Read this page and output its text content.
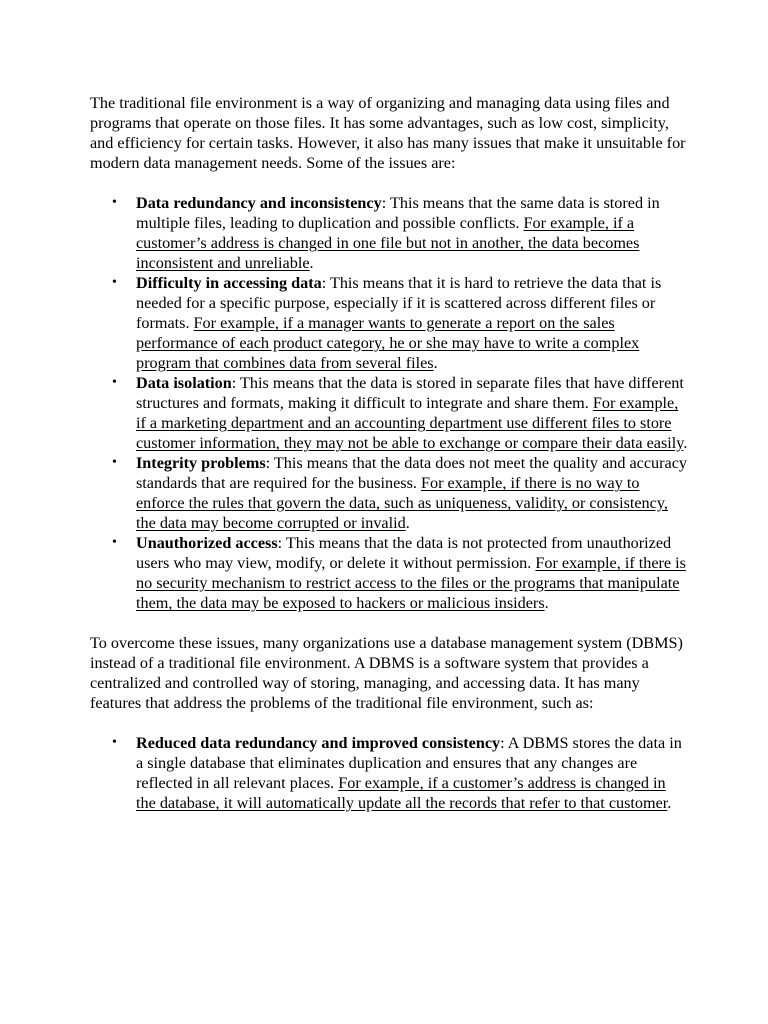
The traditional file environment is a way of organizing and managing data using files and programs that operate on those files. It has some advantages, such as low cost, simplicity, and efficiency for certain tasks. However, it also has many issues that make it unsuitable for modern data management needs. Some of the issues are:

• Data redundancy and inconsistency: This means that the same data is stored in multiple files, leading to duplication and possible conflicts. For example, if a customer’s address is changed in one file but not in another, the data becomes inconsistent and unreliable.
• Difficulty in accessing data: This means that it is hard to retrieve the data that is needed for a specific purpose, especially if it is scattered across different files or formats. For example, if a manager wants to generate a report on the sales performance of each product category, he or she may have to write a complex program that combines data from several files.
• Data isolation: This means that the data is stored in separate files that have different structures and formats, making it difficult to integrate and share them. For example, if a marketing department and an accounting department use different files to store customer information, they may not be able to exchange or compare their data easily.
• Integrity problems: This means that the data does not meet the quality and accuracy standards that are required for the business. For example, if there is no way to enforce the rules that govern the data, such as uniqueness, validity, or consistency, the data may become corrupted or invalid.
• Unauthorized access: This means that the data is not protected from unauthorized users who may view, modify, or delete it without permission. For example, if there is no security mechanism to restrict access to the files or the programs that manipulate them, the data may be exposed to hackers or malicious insiders.

To overcome these issues, many organizations use a database management system (DBMS) instead of a traditional file environment. A DBMS is a software system that provides a centralized and controlled way of storing, managing, and accessing data. It has many features that address the problems of the traditional file environment, such as:

• Reduced data redundancy and improved consistency: A DBMS stores the data in a single database that eliminates duplication and ensures that any changes are reflected in all relevant places. For example, if a customer’s address is changed in the database, it will automatically update all the records that refer to that customer.
